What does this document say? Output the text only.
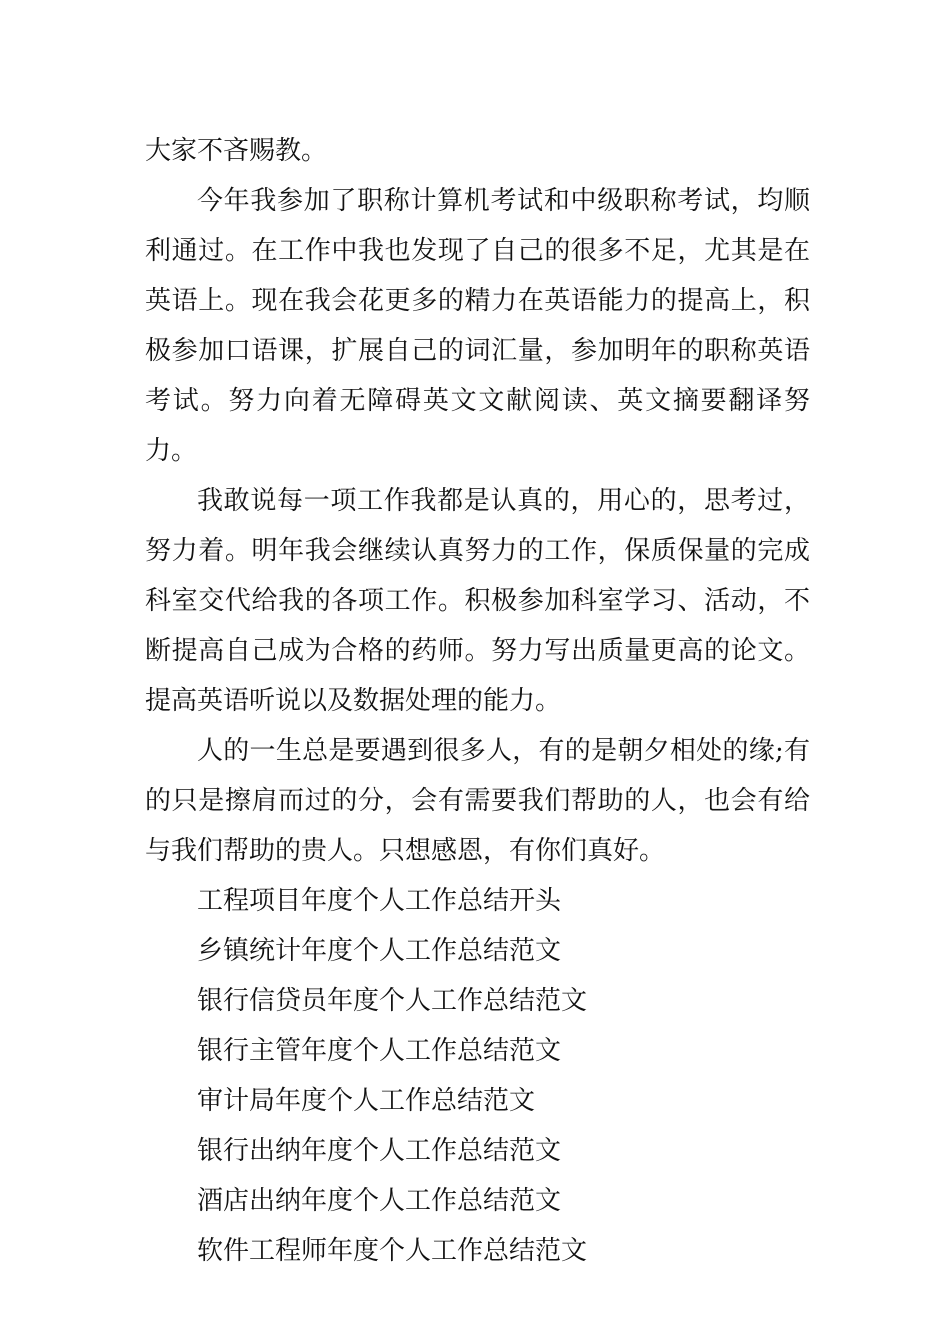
大家不吝赐教。

今年我参加了职称计算机考试和中级职称考试，均顺利通过。在工作中我也发现了自己的很多不足，尤其是在英语上。现在我会花更多的精力在英语能力的提高上，积极参加口语课，扩展自己的词汇量，参加明年的职称英语考试。努力向着无障碍英文文献阅读、英文摘要翻译努力。

我敢说每一项工作我都是认真的，用心的，思考过，努力着。明年我会继续认真努力的工作，保质保量的完成科室交代给我的各项工作。积极参加科室学习、活动，不断提高自己成为合格的药师。努力写出质量更高的论文。提高英语听说以及数据处理的能力。

人的一生总是要遇到很多人，有的是朝夕相处的缘;有的只是擦肩而过的分，会有需要我们帮助的人，也会有给与我们帮助的贵人。只想感恩，有你们真好。

工程项目年度个人工作总结开头
乡镇统计年度个人工作总结范文
银行信贷员年度个人工作总结范文
银行主管年度个人工作总结范文
审计局年度个人工作总结范文
银行出纳年度个人工作总结范文
酒店出纳年度个人工作总结范文
软件工程师年度个人工作总结范文
